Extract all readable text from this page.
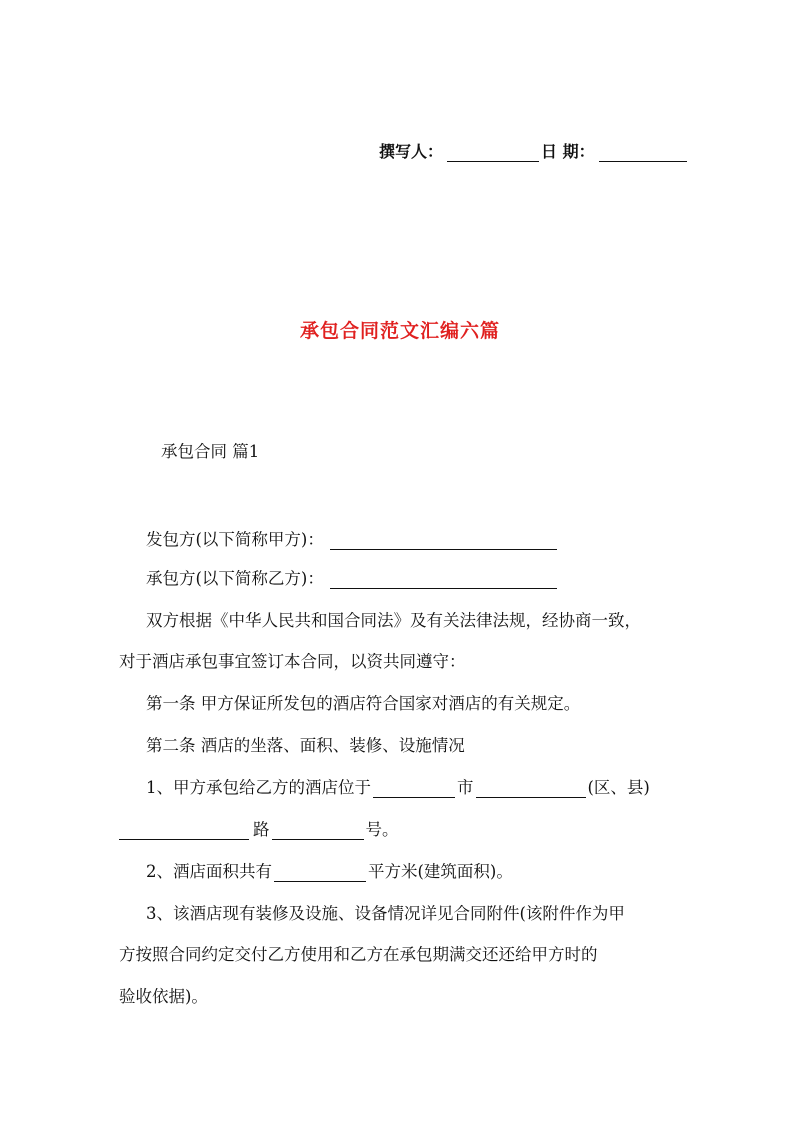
撰写人：	日 期：
承包合同范文汇编六篇
承包合同 篇1
发包方(以下简称甲方)：
承包方(以下简称乙方)：
双方根据《中华人民共和国合同法》及有关法律法规，经协商一致，
对于酒店承包事宜签订本合同，以资共同遵守：
第一条 甲方保证所发包的酒店符合国家对酒店的有关规定。
第二条 酒店的坐落、面积、装修、设施情况
1、甲方承包给乙方的酒店位于	市	(区、县)
路	号。
2、酒店面积共有	平方米(建筑面积)。
3、该酒店现有装修及设施、设备情况详见合同附件(该附件作为甲
方按照合同约定交付乙方使用和乙方在承包期满交还还给甲方时的
验收依据)。
